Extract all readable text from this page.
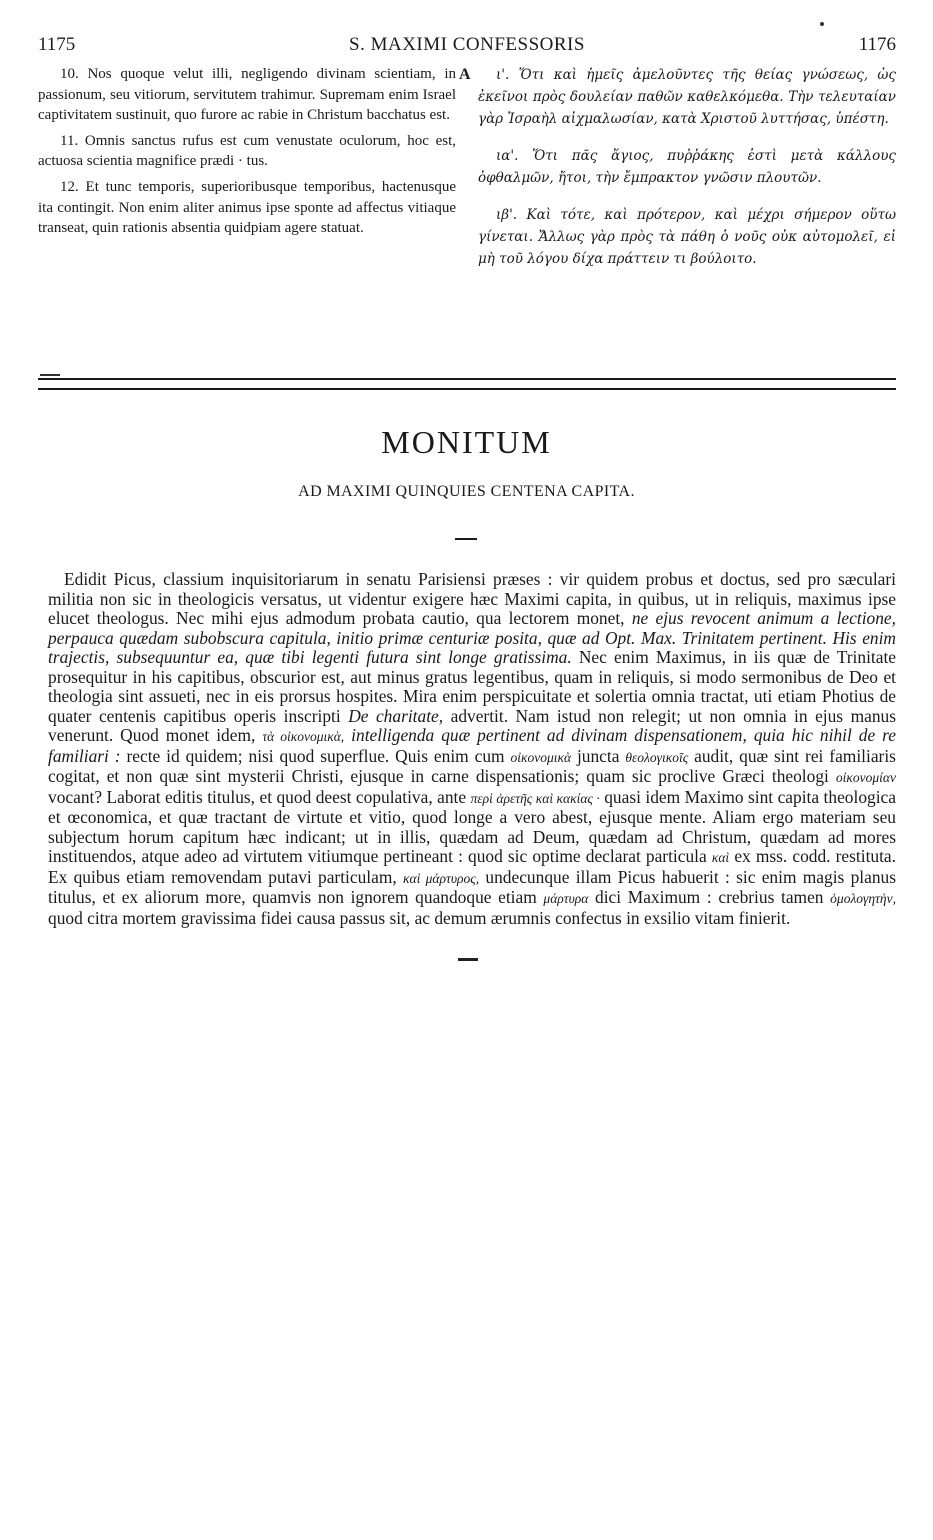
1175	S. MAXIMI CONFESSORIS	1176

10. Nos quoque velut illi, negligendo divinam scientiam, in passionum, seu vitiorum, servitutem trahimur. Supremam enim Israel captivitatem sustinuit, quo furore ac rabie in Christum bacchatus est.

11. Omnis sanctus rufus est cum venustate oculorum, hoc est, actuosa scientia magnifice prædi · tus.

12. Et tunc temporis, superioribusque temporibus, hactenusque ita contingit. Non enim aliter animus ipse sponte ad affectus vitiaque transeat, quin rationis absentia quidpiam agere statuat.

A	ι'. Ὅτι καὶ ἡμεῖς ἀμελοῦντες τῆς θείας γνώσεως, ὡς ἐκεῖνοι πρὸς δουλείαν παθῶν καθελκόμεθα. Τὴν τελευταίαν γὰρ Ἰσραὴλ αἰχμαλωσίαν, κατὰ Χριστοῦ λυττήσας, ὑπέστη.

ια'. Ὅτι πᾶς ἅγιος, πυῤῥάκης ἐστὶ μετὰ κάλλους ὀφθαλμῶν, ἤτοι, τὴν ἔμπρακτον γνῶσιν πλουτῶν.

ιβ'. Καὶ τότε, καὶ πρότερον, καὶ μέχρι σήμερον οὕτω γίνεται. Ἄλλως γὰρ πρὸς τὰ πάθη ὁ νοῦς οὐκ αὐτομολεῖ, εἰ μὴ τοῦ λόγου δίχα πράττειν τι βούλοιτο.

MONITUM
AD MAXIMI QUINQUIES CENTENA CAPITA.

Edidit Picus, classium inquisitoriarum in senatu Parisiensi præses : vir quidem probus et doctus, sed pro sæculari militia non sic in theologicis versatus, ut videntur exigere hæc Maximi capita, in quibus, ut in reliquis, maximus ipse elucet theologus. Nec mihi ejus admodum probata cautio, qua lectorem monet, ne ejus revocent animum a lectione, perpauca quædam subobscura capitula, initio primæ centuriæ posita, quæ ad Opt. Max. Trinitatem pertinent. His enim trajectis, subsequuntur ea, quæ tibi legenti futura sint longe gratissima. Nec enim Maximus, in iis quæ de Trinitate prosequitur in his capitibus, obscurior est, aut minus gratus legentibus, quam in reliquis, si modo sermonibus de Deo et theologia sint assueti, nec in eis prorsus hospites. Mira enim perspicuitate et solertia omnia tractat, uti etiam Photius de quater centenis capitibus operis inscripti De charitate, advertit. Nam istud non relegit; ut non omnia in ejus manus venerunt. Quod monet idem, τὰ οἰκονομικὰ, intelligenda quæ pertinent ad divinam dispensationem, quia hic nihil de re familiari : recte id quidem; nisi quod superflue. Quis enim cum οἰκονομικὰ juncta θεολογικοῖς audit, quæ sint rei familiaris cogitat, et non quæ sint mysterii Christi, ejusque in carne dispensationis; quam sic proclive Græci theologi οἰκονομίαν vocant? Laborat editis titulus, et quod deest copulativa, ante περὶ ἀρετῆς καὶ κακίας · quasi idem Maximo sint capita theologica et œconomica, et quæ tractant de virtute et vitio, quod longe a vero abest, ejusque mente. Aliam ergo materiam seu subjectum horum capitum hæc indicant; ut in illis, quædam ad Deum, quædam ad Christum, quædam ad mores instituendos, atque adeo ad virtutem vitiumque pertineant : quod sic optime declarat particula καὶ ex mss. codd. restituta. Ex quibus etiam removendam putavi particulam, καὶ μάρτυρος, undecunque illam Picus habuerit : sic enim magis planus titulus, et ex aliorum more, quamvis non ignorem quandoque etiam μάρτυρα dici Maximum : crebrius tamen ὁμολογητὴν, quod citra mortem gravissima fidei causa passus sit, ac demum ærumnis confectus in exsilio vitam finierit.
